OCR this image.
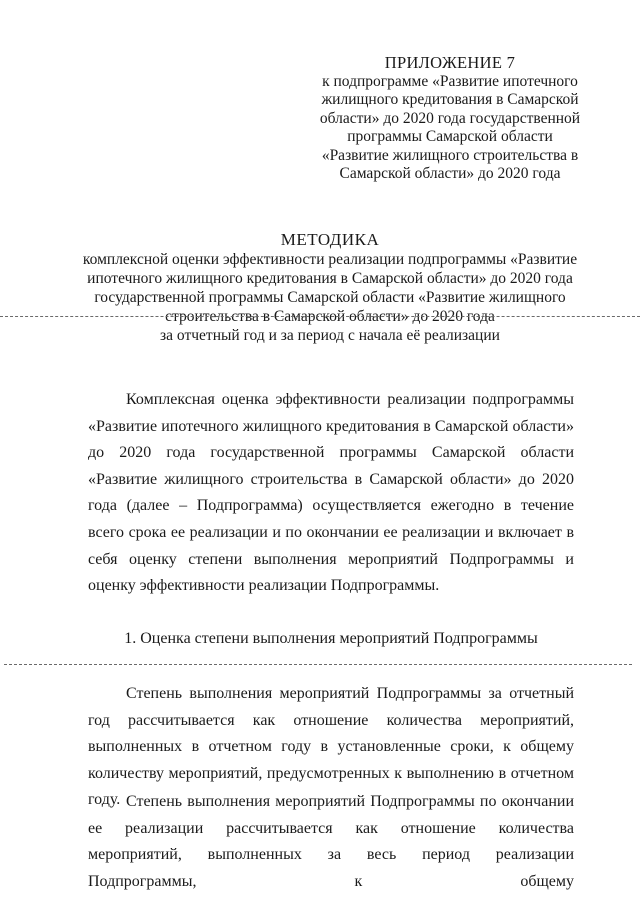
ПРИЛОЖЕНИЕ 7
к подпрограмме «Развитие ипотечного
жилищного кредитования в Самарской
области» до 2020 года государственной
программы Самарской области
«Развитие жилищного строительства в
Самарской области» до 2020 года
МЕТОДИКА
комплексной оценки эффективности реализации подпрограммы «Развитие
ипотечного жилищного кредитования в Самарской области» до 2020 года
государственной программы Самарской области «Развитие жилищного
строительства в Самарской области» до 2020 года
за отчетный год и за период с начала её реализации
Комплексная оценка эффективности реализации подпрограммы «Развитие ипотечного жилищного кредитования в Самарской области» до 2020 года государственной программы Самарской области «Развитие жилищного строительства в Самарской области» до 2020 года (далее – Подпрограмма) осуществляется ежегодно в течение всего срока ее реализации и по окончании ее реализации и включает в себя оценку степени выполнения мероприятий Подпрограммы и оценку эффективности реализации Подпрограммы.
1. Оценка степени выполнения мероприятий Подпрограммы
Степень выполнения мероприятий Подпрограммы за отчетный год рассчитывается как отношение количества мероприятий, выполненных в отчетном году в установленные сроки, к общему количеству мероприятий, предусмотренных к выполнению в отчетном году. Степень выполнения мероприятий Подпрограммы по окончании ее реализации рассчитывается как отношение количества мероприятий, выполненных за весь период реализации Подпрограммы, к общему
